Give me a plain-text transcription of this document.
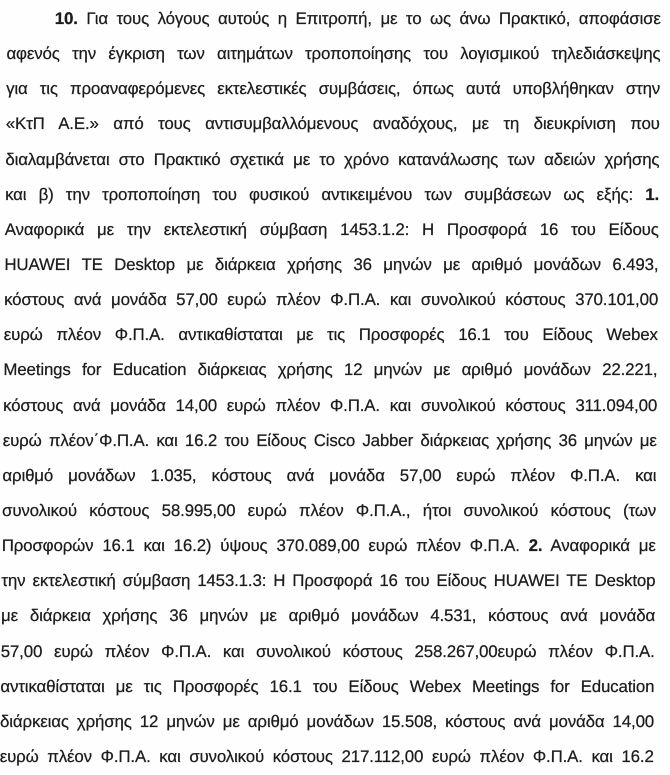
10. Για τους λόγους αυτούς η Επιτροπή, με το ως άνω Πρακτικό, αποφάσισε
αφενός την έγκριση των αιτημάτων τροποποίησης του λογισμικού τηλεδιάσκεψης
για τις προαναφερόμενες εκτελεστικές συμβάσεις, όπως αυτά υποβλήθηκαν στην
«ΚτΠ Α.Ε.» από τους αντισυμβαλλόμενους αναδόχους, με τη διευκρίνιση που
διαλαμβάνεται στο Πρακτικό σχετικά με το χρόνο κατανάλωσης των αδειών χρήσης
και β) την τροποποίηση του φυσικού αντικειμένου των συμβάσεων ως εξής: 1.
Αναφορικά με την εκτελεστική σύμβαση 1453.1.2: Η Προσφορά 16 του Είδους
HUAWEI TE Desktop με διάρκεια χρήσης 36 μηνών με αριθμό μονάδων 6.493,
κόστους ανά μονάδα 57,00 ευρώ πλέον Φ.Π.Α. και συνολικού κόστους 370.101,00
ευρώ πλέον Φ.Π.Α. αντικαθίσταται με τις Προσφορές 16.1 του Είδους Webex
Meetings for Education διάρκειας χρήσης 12 μηνών με αριθμό μονάδων 22.221,
κόστους ανά μονάδα 14,00 ευρώ πλέον Φ.Π.Α. και συνολικού κόστους 311.094,00
ευρώ πλέον΄Φ.Π.Α. και 16.2 του Είδους Cisco Jabber διάρκειας χρήσης 36 μηνών με
αριθμό μονάδων 1.035, κόστους ανά μονάδα 57,00 ευρώ πλέον Φ.Π.Α. και
συνολικού κόστους 58.995,00 ευρώ πλέον Φ.Π.Α., ήτοι συνολικού κόστους (των
Προσφορών 16.1 και 16.2) ύψους 370.089,00 ευρώ πλέον Φ.Π.Α. 2. Αναφορικά με
την εκτελεστική σύμβαση 1453.1.3: Η Προσφορά 16 του Είδους HUAWEI TE Desktop
με διάρκεια χρήσης 36 μηνών με αριθμό μονάδων 4.531, κόστους ανά μονάδα
57,00 ευρώ πλέον Φ.Π.Α. και συνολικού κόστους 258.267,00ευρώ πλέον Φ.Π.Α.
αντικαθίσταται με τις Προσφορές 16.1 του Είδους Webex Meetings for Education
διάρκειας χρήσης 12 μηνών με αριθμό μονάδων 15.508, κόστους ανά μονάδα 14,00
ευρώ πλέον Φ.Π.Α. και συνολικού κόστους 217.112,00 ευρώ πλέον Φ.Π.Α. και 16.2
